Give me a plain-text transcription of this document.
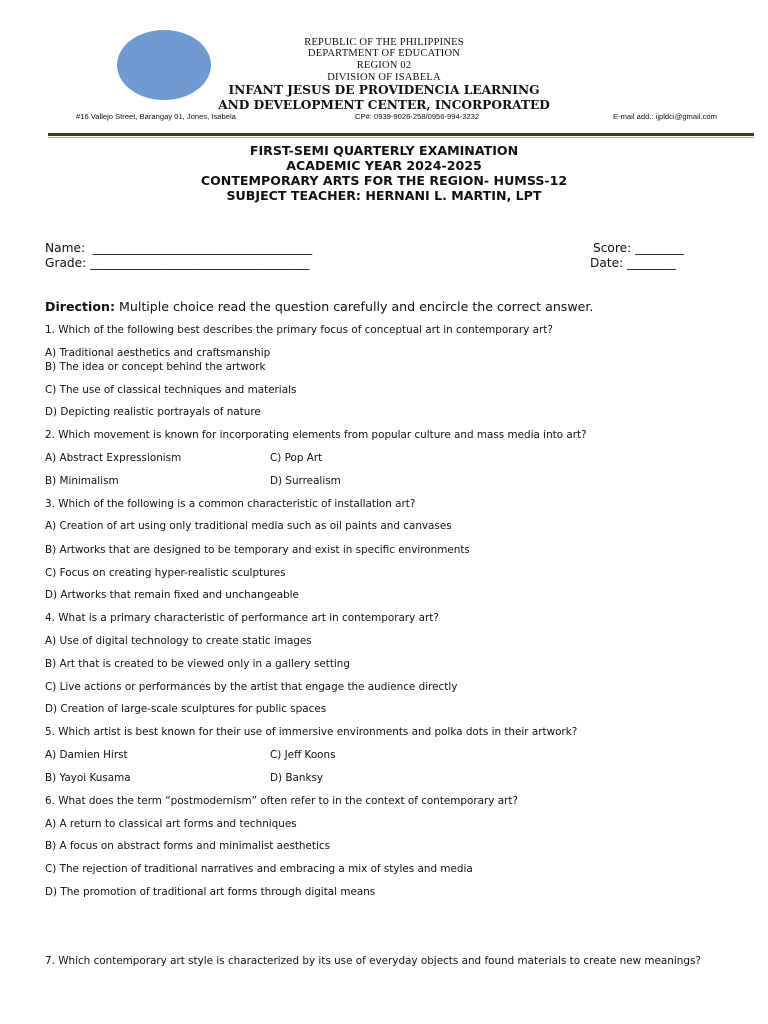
REPUBLIC OF THE PHILIPPINES
DEPARTMENT OF EDUCATION
REGION 02
DIVISION OF ISABELA
INFANT JESUS DE PROVIDENCIA LEARNING
AND DEVELOPMENT CENTER, INCORPORATED
#16 Vallejo Street, Barangay 01, Jones, Isabela	CP#: 0939-9026-258/0956-994-3232	E-mail add.: ijpldci@gmail.com
FIRST-SEMI QUARTERLY EXAMINATION
ACADEMIC YEAR 2024-2025
CONTEMPORARY ARTS FOR THE REGION- HUMSS-12
SUBJECT TEACHER: HERNANI L. MARTIN, LPT
Name:  ____________________________________
Grade: ____________________________________
Score: ________
Date: ________
Direction: Multiple choice read the question carefully and encircle the correct answer.
1. Which of the following best describes the primary focus of conceptual art in contemporary art?
A) Traditional aesthetics and craftsmanship
B) The idea or concept behind the artwork
C) The use of classical techniques and materials
D) Depicting realistic portrayals of nature
2. Which movement is known for incorporating elements from popular culture and mass media into art?
A) Abstract Expressionism	C) Pop Art
B) Minimalism	D) Surrealism
3. Which of the following is a common characteristic of installation art?
A) Creation of art using only traditional media such as oil paints and canvases
B) Artworks that are designed to be temporary and exist in specific environments
C) Focus on creating hyper-realistic sculptures
D) Artworks that remain fixed and unchangeable
4. What is a primary characteristic of performance art in contemporary art?
A) Use of digital technology to create static images
B) Art that is created to be viewed only in a gallery setting
C) Live actions or performances by the artist that engage the audience directly
D) Creation of large-scale sculptures for public spaces
5. Which artist is best known for their use of immersive environments and polka dots in their artwork?
A) Damien Hirst	C) Jeff Koons
B) Yayoi Kusama	D) Banksy
6. What does the term “postmodernism” often refer to in the context of contemporary art?
A) A return to classical art forms and techniques
B) A focus on abstract forms and minimalist aesthetics
C) The rejection of traditional narratives and embracing a mix of styles and media
D) The promotion of traditional art forms through digital means
7. Which contemporary art style is characterized by its use of everyday objects and found materials to create new meanings?
